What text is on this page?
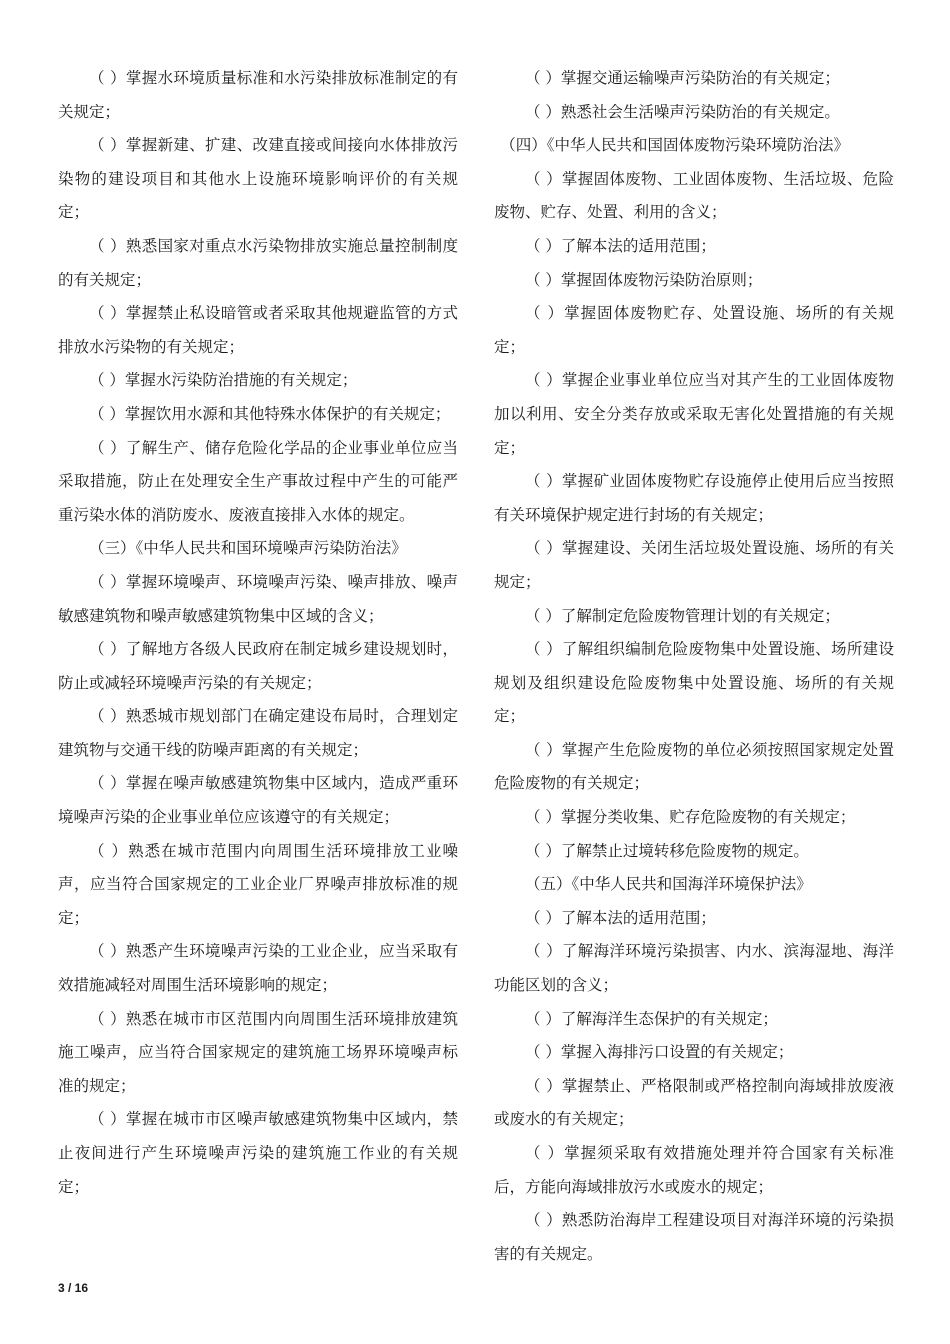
（ ）掌握水环境质量标准和水污染排放标准制定的有关规定；

（ ）掌握新建、扩建、改建直接或间接向水体排放污染物的建设项目和其他水上设施环境影响评价的有关规定；

（ ）熟悉国家对重点水污染物排放实施总量控制制度的有关规定；

（ ）掌握禁止私设暗管或者采取其他规避监管的方式排放水污染物的有关规定；

（ ）掌握水污染防治措施的有关规定；

（ ）掌握饮用水源和其他特殊水体保护的有关规定；

（ ）了解生产、储存危险化学品的企业事业单位应当采取措施，防止在处理安全生产事故过程中产生的可能严重污染水体的消防废水、废液直接排入水体的规定。

（三）《中华人民共和国环境噪声污染防治法》

（ ）掌握环境噪声、环境噪声污染、噪声排放、噪声敏感建筑物和噪声敏感建筑物集中区域的含义；

（ ）了解地方各级人民政府在制定城乡建设规划时，防止或减轻环境噪声污染的有关规定；

（ ）熟悉城市规划部门在确定建设布局时，合理划定建筑物与交通干线的防噪声距离的有关规定；

（ ）掌握在噪声敏感建筑物集中区域内，造成严重环境噪声污染的企业事业单位应该遵守的有关规定；

（ ）熟悉在城市范围内向周围生活环境排放工业噪声，应当符合国家规定的工业企业厂界噪声排放标准的规定；

（ ）熟悉产生环境噪声污染的工业企业，应当采取有效措施减轻对周围生活环境影响的规定；

（ ）熟悉在城市市区范围内向周围生活环境排放建筑施工噪声，应当符合国家规定的建筑施工场界环境噪声标准的规定；

（ ）掌握在城市市区噪声敏感建筑物集中区域内，禁止夜间进行产生环境噪声污染的建筑施工作业的有关规定；

（ ）掌握交通运输噪声污染防治的有关规定；

（ ）熟悉社会生活噪声污染防治的有关规定。

（四）《中华人民共和国固体废物污染环境防治法》

（ ）掌握固体废物、工业固体废物、生活垃圾、危险废物、贮存、处置、利用的含义；

（ ）了解本法的适用范围；

（ ）掌握固体废物污染防治原则；

（ ）掌握固体废物贮存、处置设施、场所的有关规定；

（ ）掌握企业事业单位应当对其产生的工业固体废物加以利用、安全分类存放或采取无害化处置措施的有关规定；

（ ）掌握矿业固体废物贮存设施停止使用后应当按照有关环境保护规定进行封场的有关规定；

（ ）掌握建设、关闭生活垃圾处置设施、场所的有关规定；

（ ）了解制定危险废物管理计划的有关规定；

（ ）了解组织编制危险废物集中处置设施、场所建设规划及组织建设危险废物集中处置设施、场所的有关规定；

（ ）掌握产生危险废物的单位必须按照国家规定处置危险废物的有关规定；

（ ）掌握分类收集、贮存危险废物的有关规定；

（ ）了解禁止过境转移危险废物的规定。

（五）《中华人民共和国海洋环境保护法》

（ ）了解本法的适用范围；

（ ）了解海洋环境污染损害、内水、滨海湿地、海洋功能区划的含义；

（ ）了解海洋生态保护的有关规定；

（ ）掌握入海排污口设置的有关规定；

（ ）掌握禁止、严格限制或严格控制向海域排放废液或废水的有关规定；

（ ）掌握须采取有效措施处理并符合国家有关标准后，方能向海域排放污水或废水的规定；

（ ）熟悉防治海岸工程建设项目对海洋环境的污染损害的有关规定。

3 / 16
